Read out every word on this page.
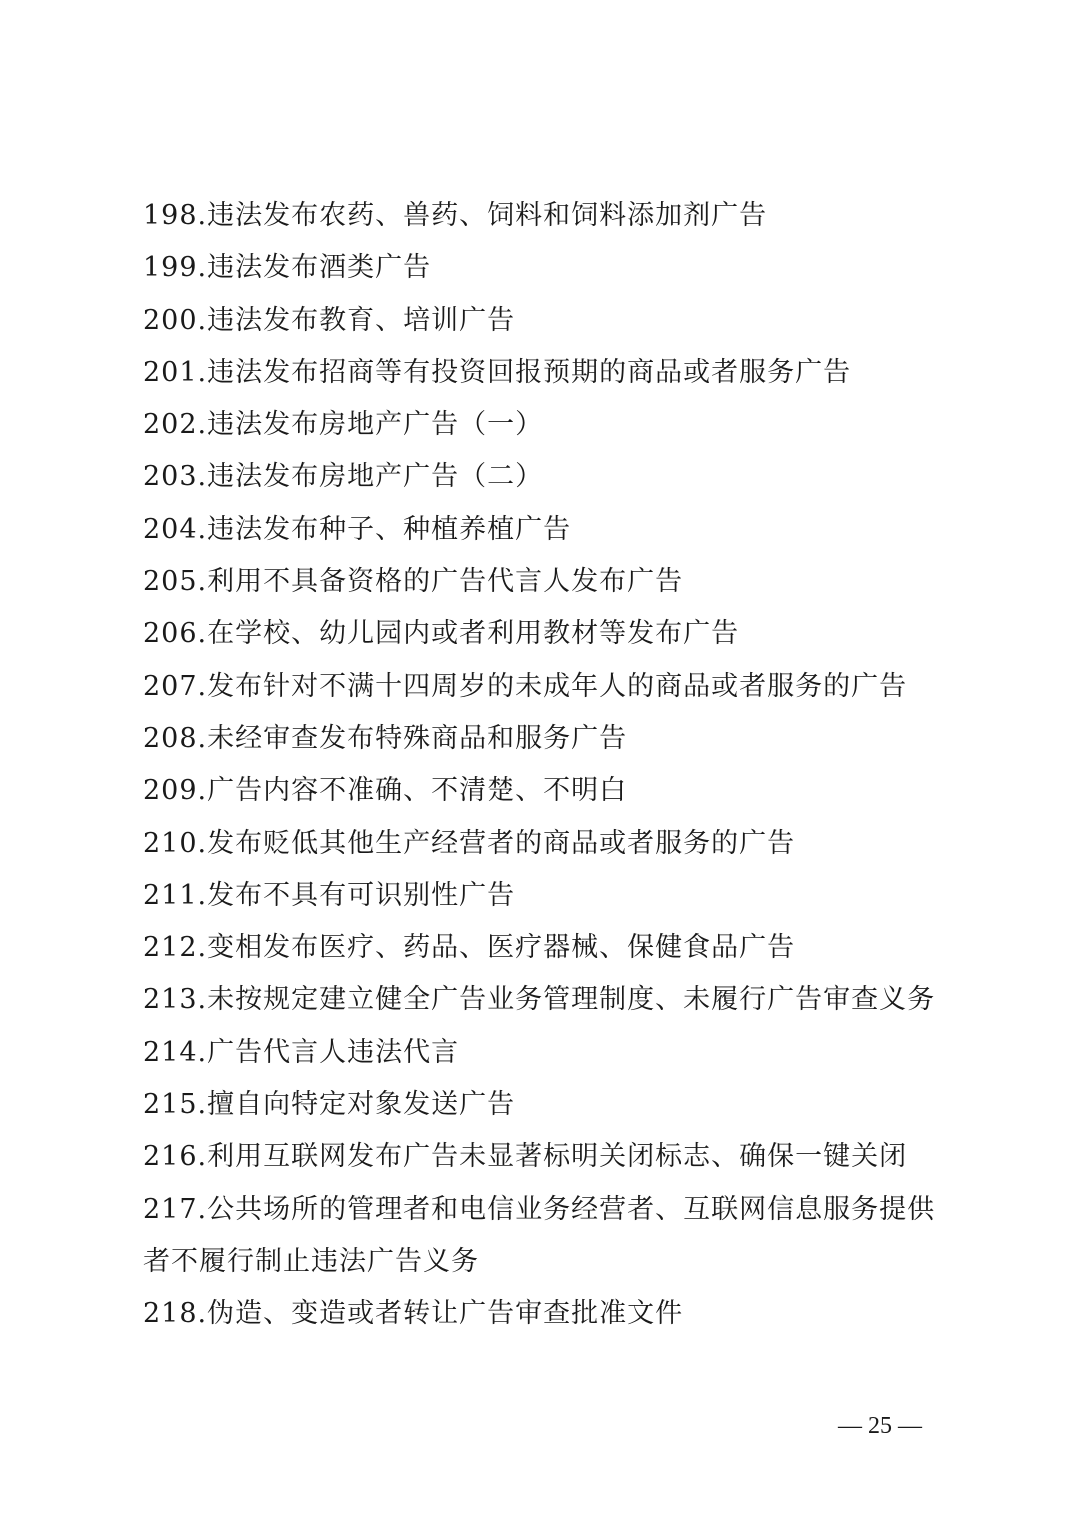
198.违法发布农药、兽药、饲料和饲料添加剂广告
199.违法发布酒类广告
200.违法发布教育、培训广告
201.违法发布招商等有投资回报预期的商品或者服务广告
202.违法发布房地产广告（一）
203.违法发布房地产广告（二）
204.违法发布种子、种植养植广告
205.利用不具备资格的广告代言人发布广告
206.在学校、幼儿园内或者利用教材等发布广告
207.发布针对不满十四周岁的未成年人的商品或者服务的广告
208.未经审查发布特殊商品和服务广告
209.广告内容不准确、不清楚、不明白
210.发布贬低其他生产经营者的商品或者服务的广告
211.发布不具有可识别性广告
212.变相发布医疗、药品、医疗器械、保健食品广告
213.未按规定建立健全广告业务管理制度、未履行广告审查义务
214.广告代言人违法代言
215.擅自向特定对象发送广告
216.利用互联网发布广告未显著标明关闭标志、确保一键关闭
217.公共场所的管理者和电信业务经营者、互联网信息服务提供
者不履行制止违法广告义务
218.伪造、变造或者转让广告审查批准文件
— 25 —
